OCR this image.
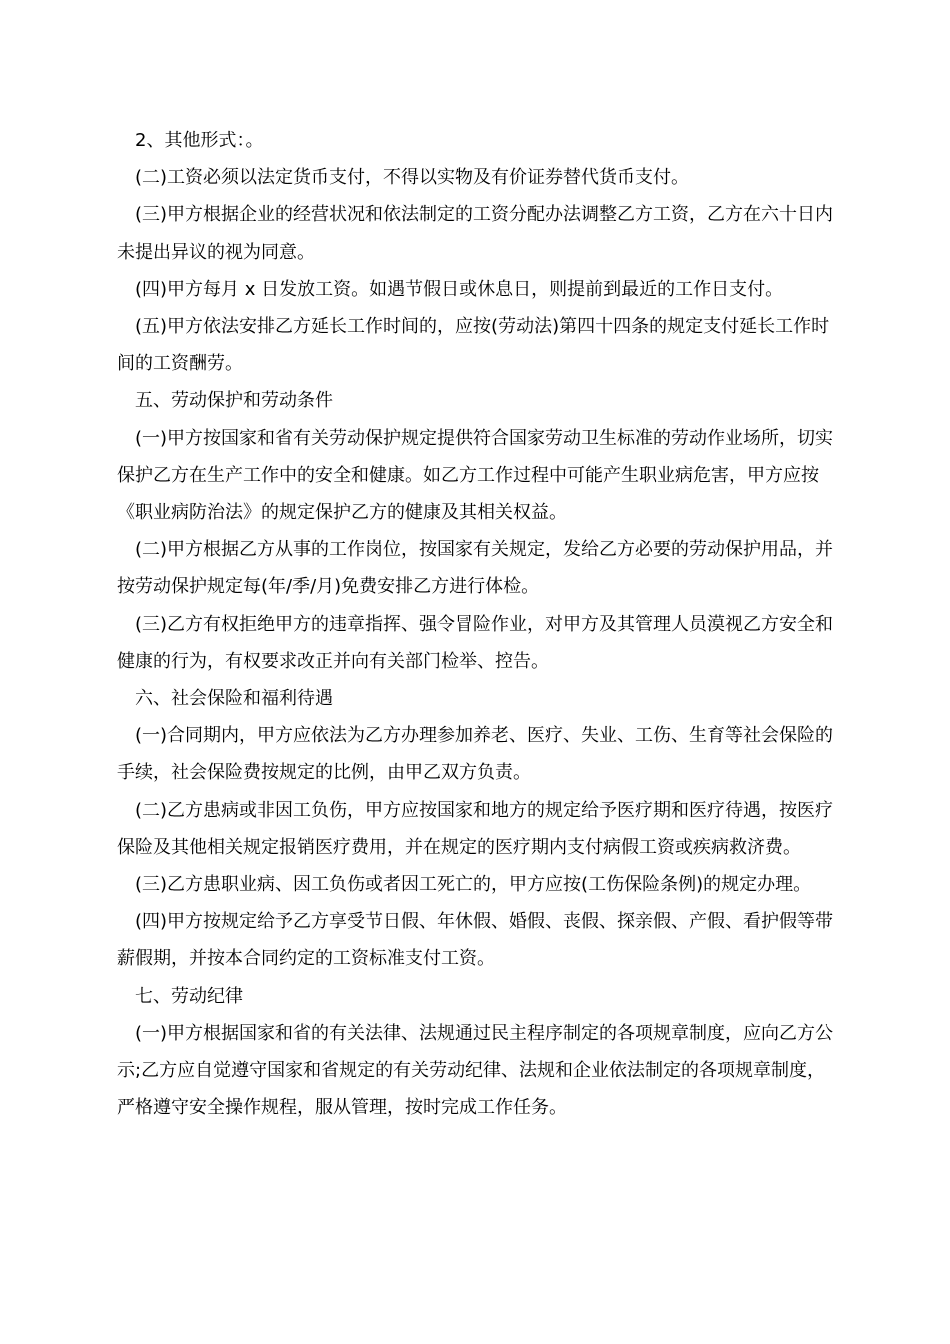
2、其他形式：。

(二)工资必须以法定货币支付，不得以实物及有价证券替代货币支付。

(三)甲方根据企业的经营状况和依法制定的工资分配办法调整乙方工资，乙方在六十日内未提出异议的视为同意。

(四)甲方每月 x 日发放工资。如遇节假日或休息日，则提前到最近的工作日支付。

(五)甲方依法安排乙方延长工作时间的，应按(劳动法)第四十四条的规定支付延长工作时间的工资酬劳。

五、劳动保护和劳动条件

(一)甲方按国家和省有关劳动保护规定提供符合国家劳动卫生标准的劳动作业场所，切实保护乙方在生产工作中的安全和健康。如乙方工作过程中可能产生职业病危害，甲方应按《职业病防治法》的规定保护乙方的健康及其相关权益。

(二)甲方根据乙方从事的工作岗位，按国家有关规定，发给乙方必要的劳动保护用品，并按劳动保护规定每(年/季/月)免费安排乙方进行体检。

(三)乙方有权拒绝甲方的违章指挥、强令冒险作业，对甲方及其管理人员漠视乙方安全和健康的行为，有权要求改正并向有关部门检举、控告。

六、社会保险和福利待遇

(一)合同期内，甲方应依法为乙方办理参加养老、医疗、失业、工伤、生育等社会保险的手续，社会保险费按规定的比例，由甲乙双方负责。

(二)乙方患病或非因工负伤，甲方应按国家和地方的规定给予医疗期和医疗待遇，按医疗保险及其他相关规定报销医疗费用，并在规定的医疗期内支付病假工资或疾病救济费。

(三)乙方患职业病、因工负伤或者因工死亡的，甲方应按(工伤保险条例)的规定办理。

(四)甲方按规定给予乙方享受节日假、年休假、婚假、丧假、探亲假、产假、看护假等带薪假期，并按本合同约定的工资标准支付工资。

七、劳动纪律

(一)甲方根据国家和省的有关法律、法规通过民主程序制定的各项规章制度，应向乙方公示;乙方应自觉遵守国家和省规定的有关劳动纪律、法规和企业依法制定的各项规章制度，严格遵守安全操作规程，服从管理，按时完成工作任务。
